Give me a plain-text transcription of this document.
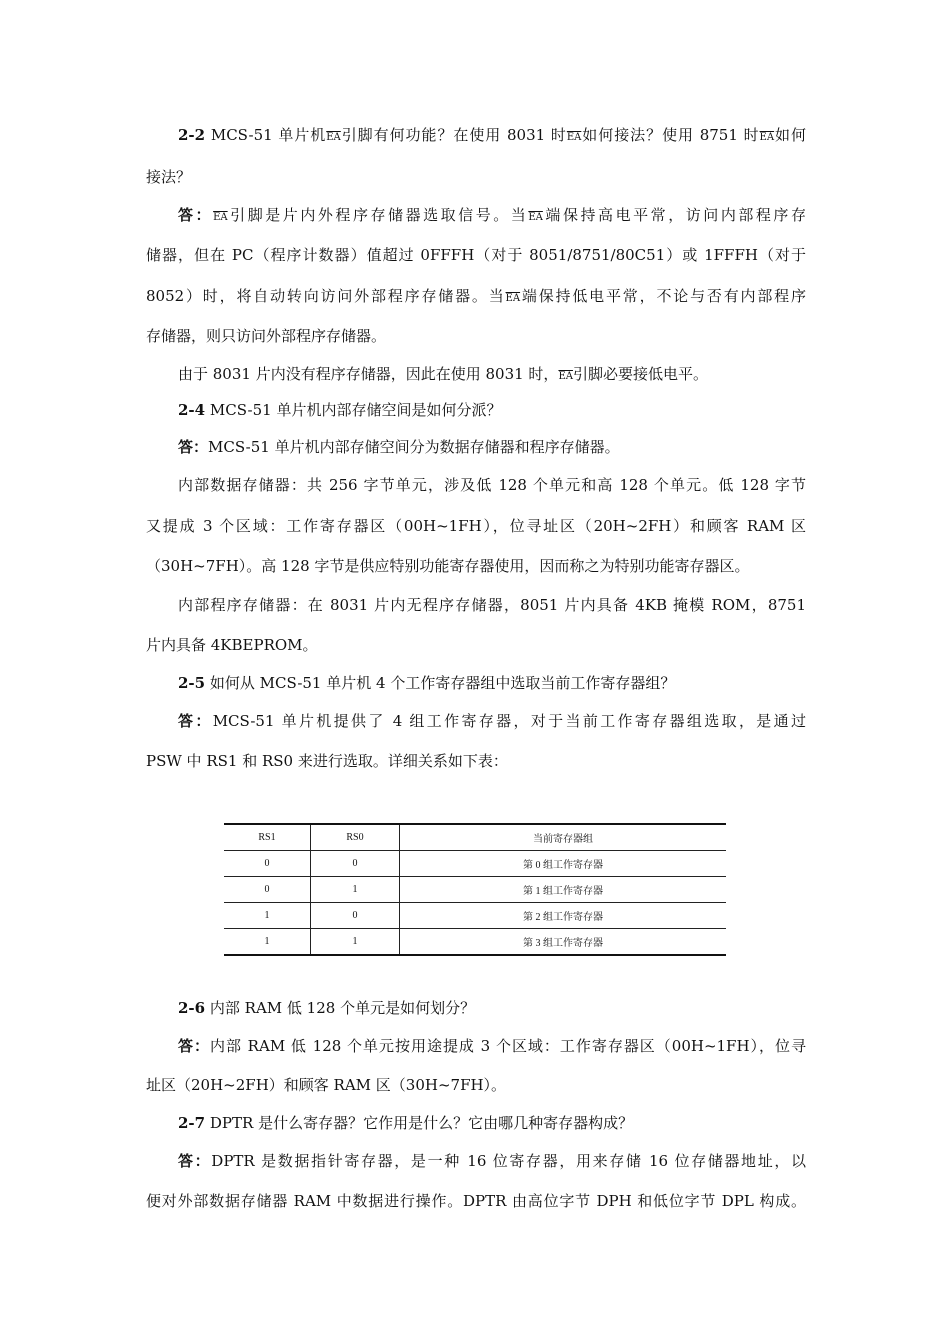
2-2 MCS-51 单片机$\overline{EA}$引脚有何功能？在使用 8031 时$\overline{EA}$如何接法？使用 8751 时$\overline{EA}$如何
接法？
答：$\overline{EA}$引脚是片内外程序存储器选取信号。当$\overline{EA}$端保持高电平常，访问内部程序存
储器，但在 PC（程序计数器）值超过 0FFFH（对于 8051/8751/80C51）或 1FFFH（对于
8052）时，将自动转向访问外部程序存储器。当$\overline{EA}$端保持低电平常，不论与否有内部程序
存储器，则只访问外部程序存储器。
由于 8031 片内没有程序存储器，因此在使用 8031 时，$\overline{EA}$引脚必要接低电平。
2-4 MCS-51 单片机内部存储空间是如何分派？
答：MCS-51 单片机内部存储空间分为数据存储器和程序存储器。
内部数据存储器：共 256 字节单元，涉及低 128 个单元和高 128 个单元。低 128 字节
又提成 3 个区域：工作寄存器区（00H~1FH），位寻址区（20H~2FH）和顾客 RAM 区
（30H~7FH）。高 128 字节是供应特别功能寄存器使用，因而称之为特别功能寄存器区。
内部程序存储器：在 8031 片内无程序存储器，8051 片内具备 4KB 掩模 ROM，8751
片内具备 4KBEPROM。
2-5 如何从 MCS-51 单片机 4 个工作寄存器组中选取当前工作寄存器组？
答：MCS-51 单片机提供了 4 组工作寄存器，对于当前工作寄存器组选取，是通过
PSW 中 RS1 和 RS0 来进行选取。详细关系如下表：
RS1	RS0	当前寄存器组
0	0	第 0 组工作寄存器
0	1	第 1 组工作寄存器
1	0	第 2 组工作寄存器
1	1	第 3 组工作寄存器
2-6 内部 RAM 低 128 个单元是如何划分？
答：内部 RAM 低 128 个单元按用途提成 3 个区域：工作寄存器区（00H~1FH），位寻
址区（20H~2FH）和顾客 RAM 区（30H~7FH）。
2-7 DPTR 是什么寄存器？它作用是什么？它由哪几种寄存器构成？
答：DPTR 是数据指针寄存器，是一种 16 位寄存器，用来存储 16 位存储器地址，以
便对外部数据存储器 RAM 中数据进行操作。DPTR 由高位字节 DPH 和低位字节 DPL 构成。
